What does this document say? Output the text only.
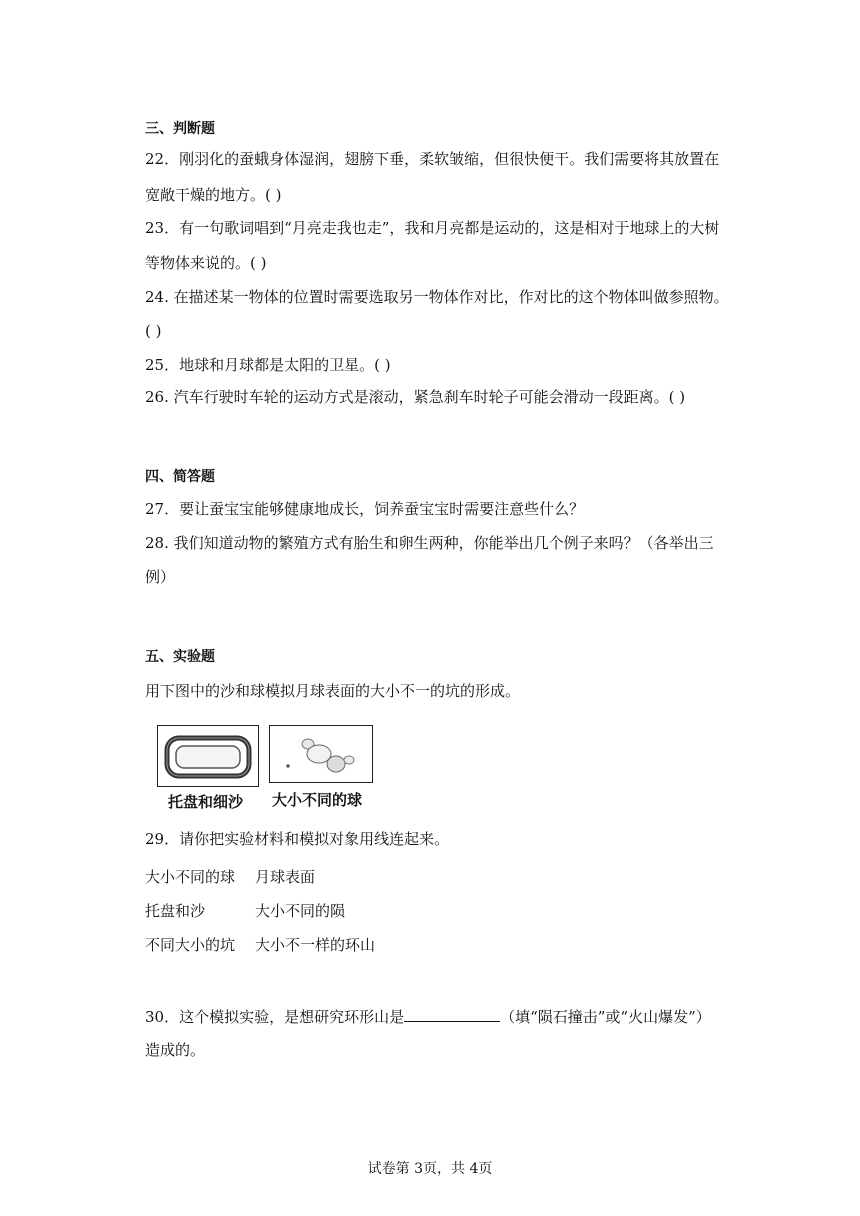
三、判断题
22．刚羽化的蚕蛾身体湿润，翅膀下垂，柔软皱缩，但很快便干。我们需要将其放置在
宽敞干燥的地方。( )
23．有一句歌词唱到“月亮走我也走”，我和月亮都是运动的，这是相对于地球上的大树
等物体来说的。( )
24. 在描述某一物体的位置时需要选取另一物体作对比，作对比的这个物体叫做参照物。
( )
25．地球和月球都是太阳的卫星。( )
26. 汽车行驶时车轮的运动方式是滚动，紧急刹车时轮子可能会滑动一段距离。( )
四、简答题
27．要让蚕宝宝能够健康地成长，饲养蚕宝宝时需要注意些什么？
28. 我们知道动物的繁殖方式有胎生和卵生两种，你能举出几个例子来吗？（各举出三
例）
五、实验题
用下图中的沙和球模拟月球表面的大小不一的坑的形成。
托盘和细沙 大小不同的球
29．请你把实验材料和模拟对象用线连起来。
大小不同的球 月球表面
托盘和沙	大小不同的陨
不同大小的坑 大小不一样的环山
30．这个模拟实验，是想研究环形山是	（填“陨石撞击”或“火山爆发”）
造成的。
试卷第 3页，共 4页
